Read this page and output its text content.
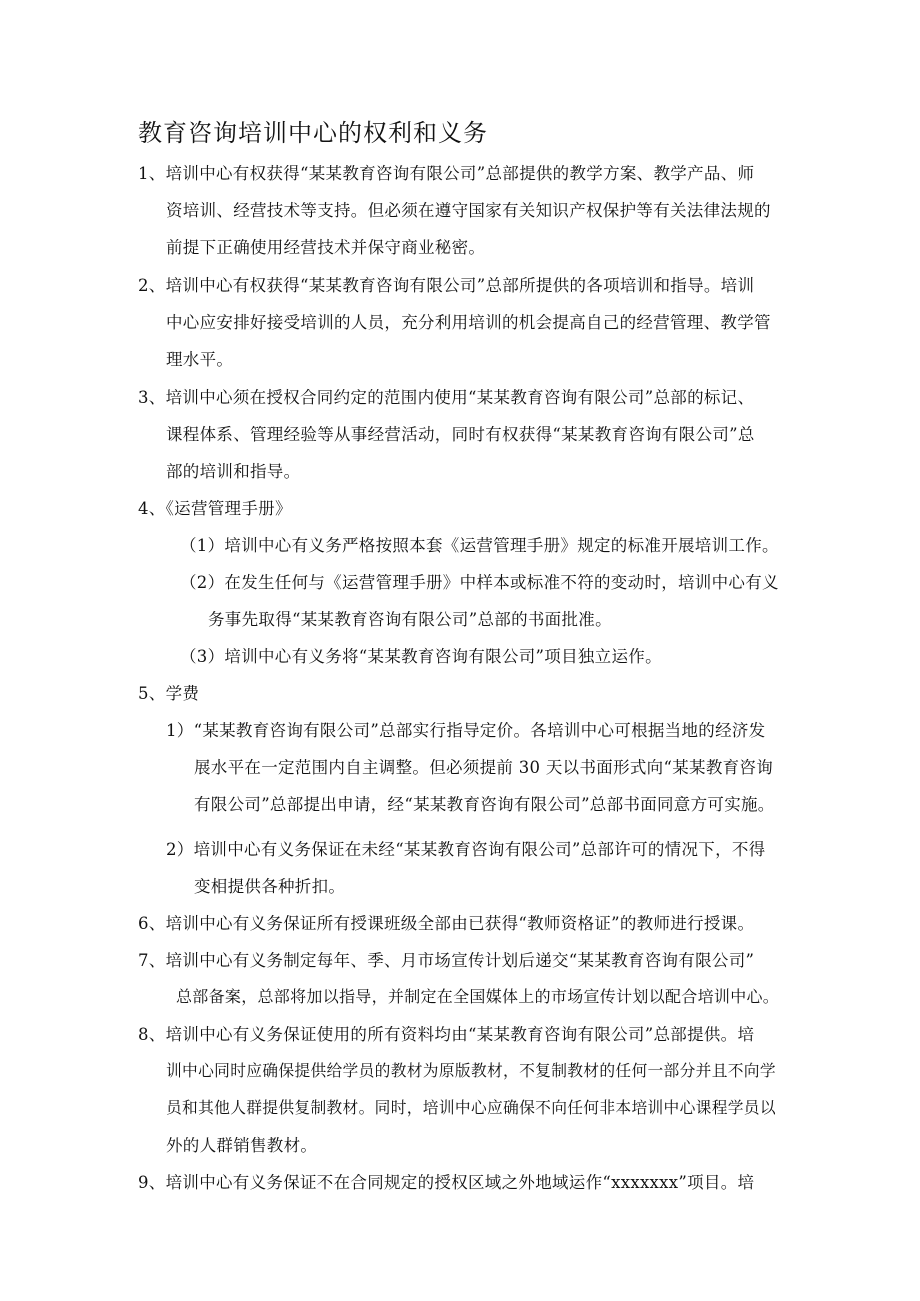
教育咨询培训中心的权利和义务
1、培训中心有权获得“某某教育咨询有限公司”总部提供的教学方案、教学产品、师
资培训、经营技术等支持。但必须在遵守国家有关知识产权保护等有关法律法规的
前提下正确使用经营技术并保守商业秘密。
2、培训中心有权获得“某某教育咨询有限公司”总部所提供的各项培训和指导。培训
中心应安排好接受培训的人员，充分利用培训的机会提高自己的经营管理、教学管
理水平。
3、培训中心须在授权合同约定的范围内使用“某某教育咨询有限公司”总部的标记、
课程体系、管理经验等从事经营活动，同时有权获得“某某教育咨询有限公司”总
部的培训和指导。
4、《运营管理手册》
（1）培训中心有义务严格按照本套《运营管理手册》规定的标准开展培训工作。
（2）在发生任何与《运营管理手册》中样本或标准不符的变动时，培训中心有义
务事先取得“某某教育咨询有限公司”总部的书面批准。
（3）培训中心有义务将“某某教育咨询有限公司”项目独立运作。
5、学费
1）“某某教育咨询有限公司”总部实行指导定价。各培训中心可根据当地的经济发
展水平在一定范围内自主调整。但必须提前 30 天以书面形式向“某某教育咨询
有限公司”总部提出申请，经“某某教育咨询有限公司”总部书面同意方可实施。
2）培训中心有义务保证在未经“某某教育咨询有限公司”总部许可的情况下，不得
变相提供各种折扣。
6、培训中心有义务保证所有授课班级全部由已获得“教师资格证”的教师进行授课。
7、培训中心有义务制定每年、季、月市场宣传计划后递交“某某教育咨询有限公司”
总部备案，总部将加以指导，并制定在全国媒体上的市场宣传计划以配合培训中心。
8、培训中心有义务保证使用的所有资料均由“某某教育咨询有限公司”总部提供。培
训中心同时应确保提供给学员的教材为原版教材，不复制教材的任何一部分并且不向学
员和其他人群提供复制教材。同时，培训中心应确保不向任何非本培训中心课程学员以
外的人群销售教材。
9、培训中心有义务保证不在合同规定的授权区域之外地域运作“xxxxxxx”项目。培
